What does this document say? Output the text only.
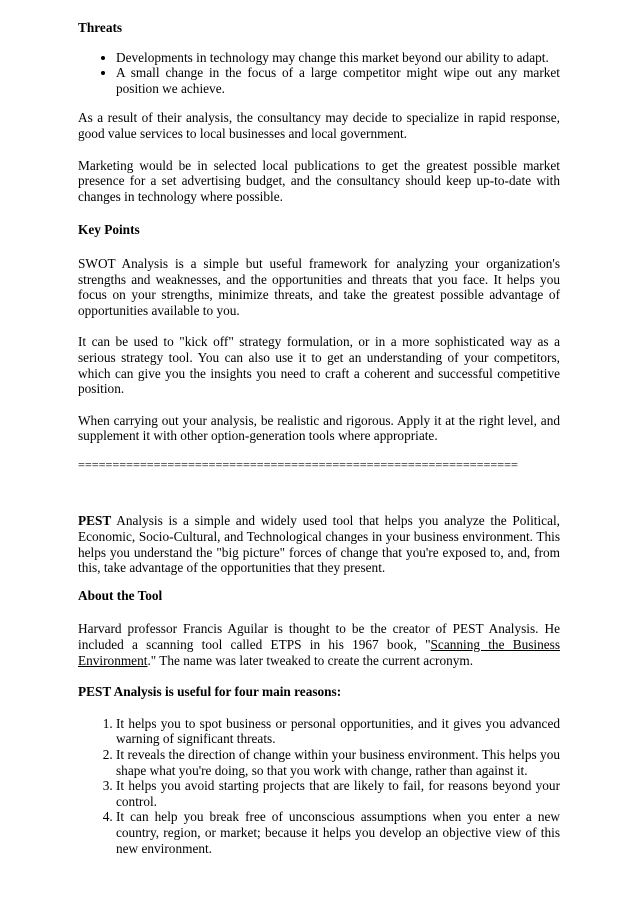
Threats
• Developments in technology may change this market beyond our ability to adapt.
• A small change in the focus of a large competitor might wipe out any market position we achieve.

As a result of their analysis, the consultancy may decide to specialize in rapid response, good value services to local businesses and local government.

Marketing would be in selected local publications to get the greatest possible market presence for a set advertising budget, and the consultancy should keep up-to-date with changes in technology where possible.

Key Points

SWOT Analysis is a simple but useful framework for analyzing your organization's strengths and weaknesses, and the opportunities and threats that you face. It helps you focus on your strengths, minimize threats, and take the greatest possible advantage of opportunities available to you.

It can be used to "kick off" strategy formulation, or in a more sophisticated way as a serious strategy tool. You can also use it to get an understanding of your competitors, which can give you the insights you need to craft a coherent and successful competitive position.

When carrying out your analysis, be realistic and rigorous. Apply it at the right level, and supplement it with other option-generation tools where appropriate.

================================================================

PEST Analysis is a simple and widely used tool that helps you analyze the Political, Economic, Socio-Cultural, and Technological changes in your business environment. This helps you understand the "big picture" forces of change that you're exposed to, and, from this, take advantage of the opportunities that they present.

About the Tool

Harvard professor Francis Aguilar is thought to be the creator of PEST Analysis. He included a scanning tool called ETPS in his 1967 book, "Scanning the Business Environment." The name was later tweaked to create the current acronym.

PEST Analysis is useful for four main reasons:
1. It helps you to spot business or personal opportunities, and it gives you advanced warning of significant threats.
2. It reveals the direction of change within your business environment. This helps you shape what you're doing, so that you work with change, rather than against it.
3. It helps you avoid starting projects that are likely to fail, for reasons beyond your control.
4. It can help you break free of unconscious assumptions when you enter a new country, region, or market; because it helps you develop an objective view of this new environment.
